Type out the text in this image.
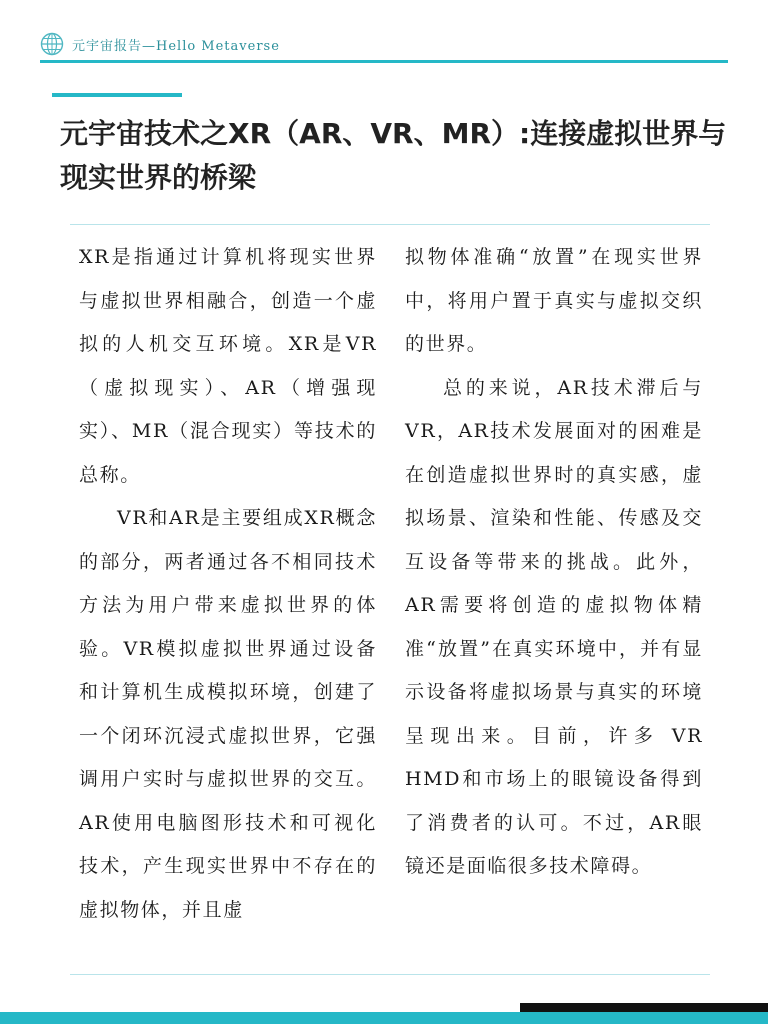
元宇宙报告—Hello Metaverse
元宇宙技术之XR（AR、VR、MR）:连接虚拟世界与现实世界的桥梁

XR是指通过计算机将现实世界与虚拟世界相融合，创造一个虚拟的人机交互环境。XR是VR（虚拟现实）、AR（增强现实）、MR（混合现实）等技术的总称。

VR和AR是主要组成XR概念的部分，两者通过各不相同技术方法为用户带来虚拟世界的体验。VR模拟虚拟世界通过设备和计算机生成模拟环境，创建了一个闭环沉浸式虚拟世界，它强调用户实时与虚拟世界的交互。AR使用电脑图形技术和可视化技术，产生现实世界中不存在的虚拟物体，并且虚

拟物体准确“放置”在现实世界中，将用户置于真实与虚拟交织的世界。

总的来说，AR技术滞后与VR，AR技术发展面对的困难是在创造虚拟世界时的真实感，虚拟场景、渲染和性能、传感及交互设备等带来的挑战。此外，AR需要将创造的虚拟物体精准“放置”在真实环境中，并有显示设备将虚拟场景与真实的环境呈现出来。目前，许多 VR HMD和市场上的眼镜设备得到了消费者的认可。不过，AR眼镜还是面临很多技术障碍。
